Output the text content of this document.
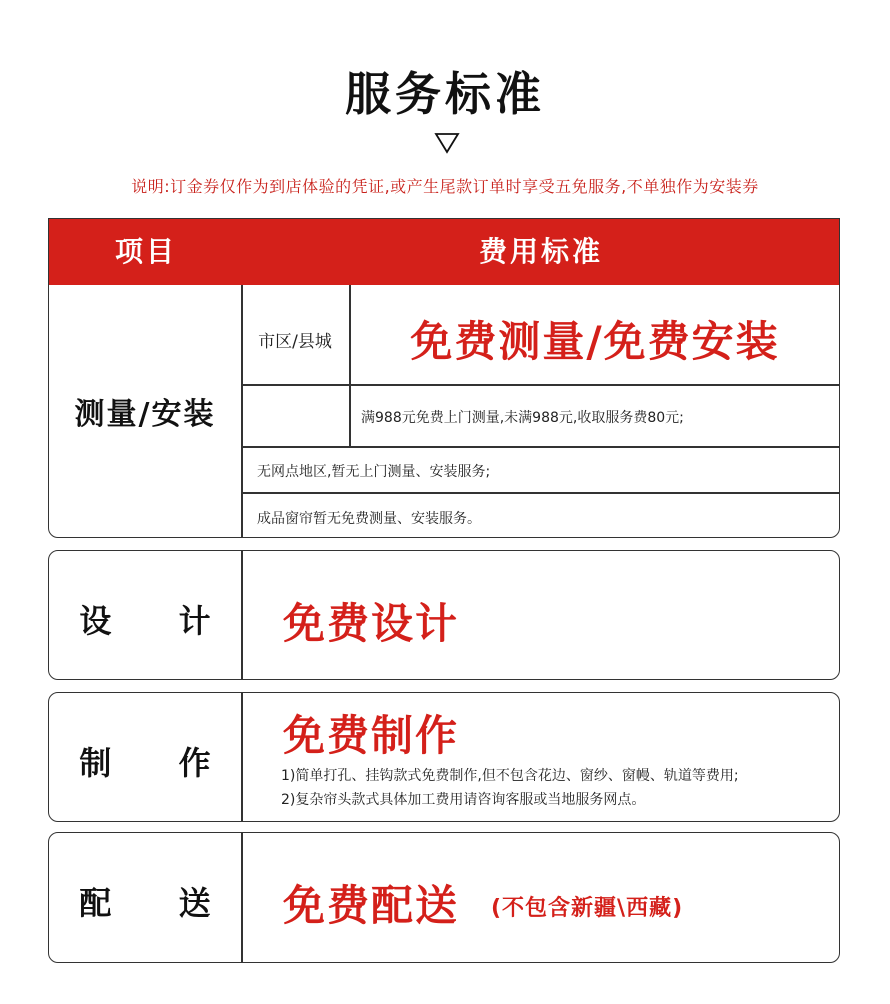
服务标准
说明:订金券仅作为到店体验的凭证,或产生尾款订单时享受五免服务,不单独作为安装券
项目	费用标准
测量/安装
市区/县城	免费测量/免费安装
满988元免费上门测量,未满988元,收取服务费80元;
无网点地区,暂无上门测量、安装服务;
成品窗帘暂无免费测量、安装服务。
设 计 免费设计
制 作
免费制作
1)简单打孔、挂钩款式免费制作,但不包含花边、窗纱、窗幔、轨道等费用;
2)复杂帘头款式具体加工费用请咨询客服或当地服务网点。
配 送 免费配送 (不包含新疆\西藏)
